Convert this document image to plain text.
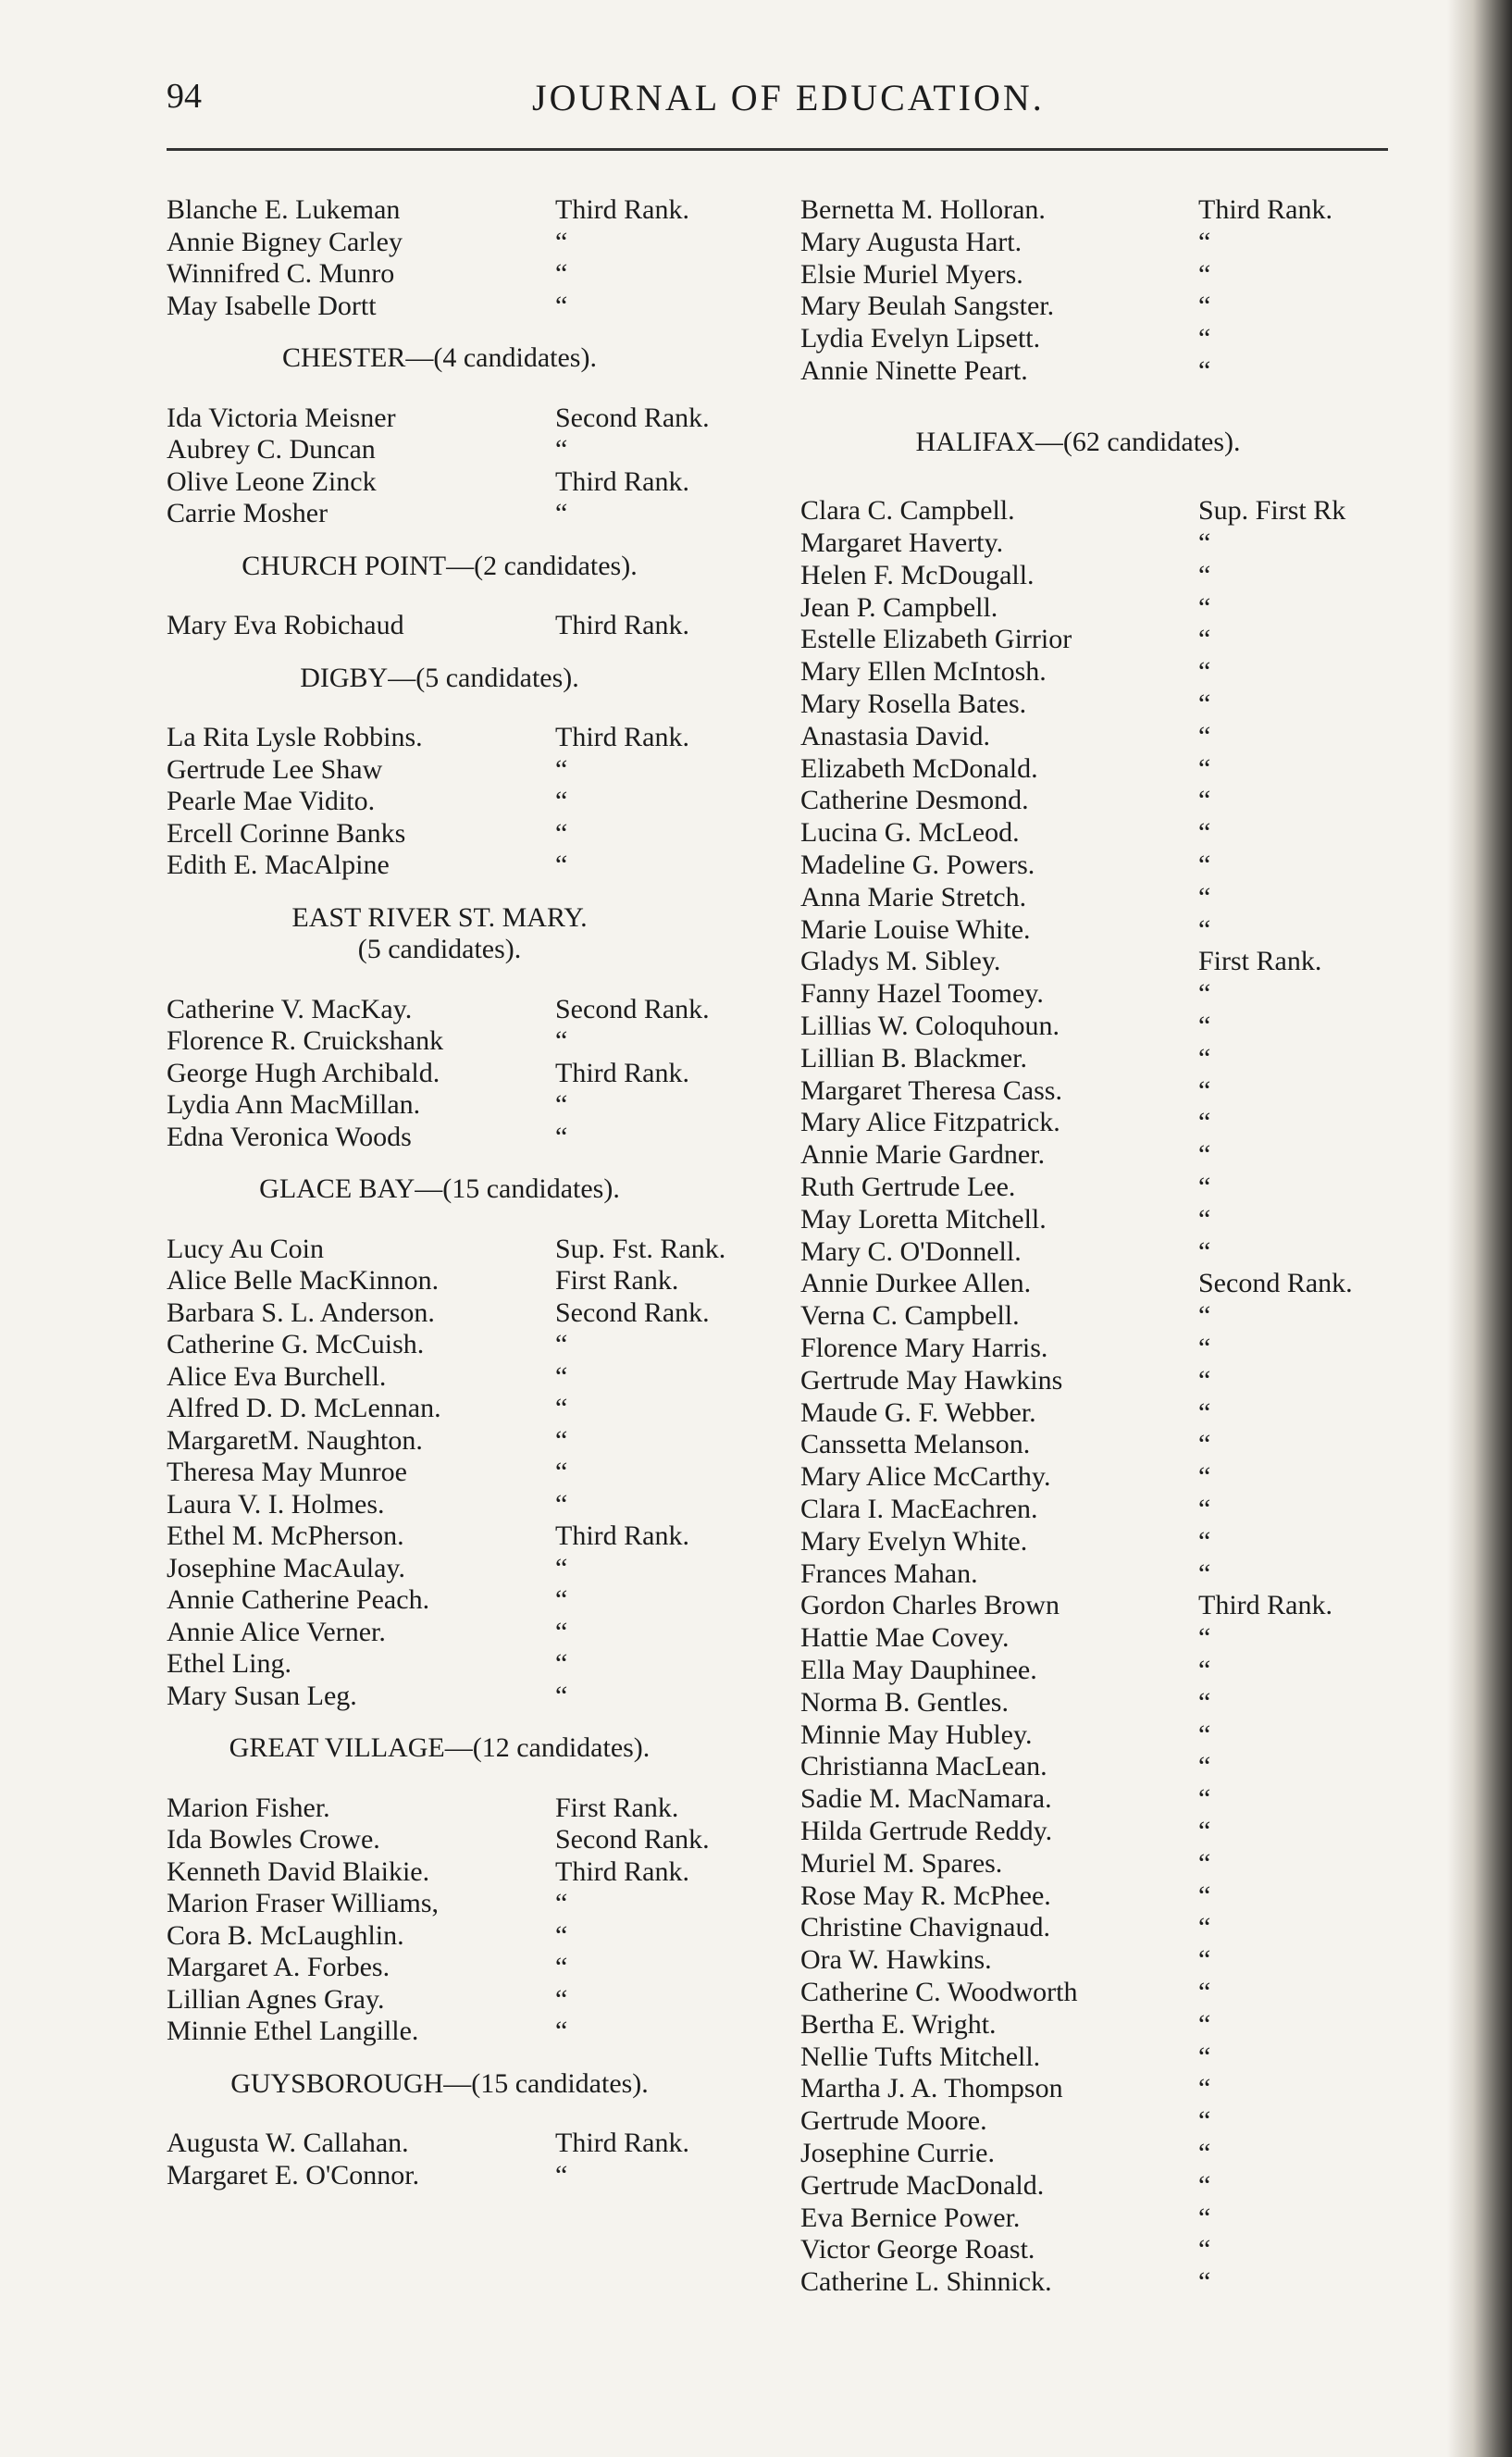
94	JOURNAL OF EDUCATION.
Blanche E. Lukeman	Third Rank.
Annie Bigney Carley	“
Winnifred C. Munro	“
May Isabelle Dortt	“
CHESTER—(4 candidates).
Ida Victoria Meisner	Second Rank.
Aubrey C. Duncan	“
Olive Leone Zinck	Third Rank.
Carrie Mosher	“
CHURCH POINT—(2 candidates).
Mary Eva Robichaud	Third Rank.
DIGBY—(5 candidates).
La Rita Lysle Robbins.	Third Rank.
Gertrude Lee Shaw	“
Pearle Mae Vidito.	“
Ercell Corinne Banks	“
Edith E. MacAlpine	“
EAST RIVER ST. MARY.
(5 candidates).
Catherine V. MacKay.	Second Rank.
Florence R. Cruickshank	“
George Hugh Archibald.	Third Rank.
Lydia Ann MacMillan.	“
Edna Veronica Woods	“
GLACE BAY—(15 candidates).
Lucy Au Coin	Sup. Fst. Rank.
Alice Belle MacKinnon.	First Rank.
Barbara S. L. Anderson.	Second Rank.
Catherine G. McCuish.	“
Alice Eva Burchell.	“
Alfred D. D. McLennan.	“
MargaretM. Naughton.	“
Theresa May Munroe	“
Laura V. I. Holmes.	“
Ethel M. McPherson.	Third Rank.
Josephine MacAulay.	“
Annie Catherine Peach.	“
Annie Alice Verner.	“
Ethel Ling.	“
Mary Susan Leg.	“
GREAT VILLAGE—(12 candidates).
Marion Fisher.	First Rank.
Ida Bowles Crowe.	Second Rank.
Kenneth David Blaikie.	Third Rank.
Marion Fraser Williams,	“
Cora B. McLaughlin.	“
Margaret A. Forbes.	“
Lillian Agnes Gray.	“
Minnie Ethel Langille.	“
GUYSBOROUGH—(15 candidates).
Augusta W. Callahan.	Third Rank.
Margaret E. O'Connor.	“
Bernetta M. Holloran.	Third Rank.
Mary Augusta Hart.	“
Elsie Muriel Myers.	“
Mary Beulah Sangster.	“
Lydia Evelyn Lipsett.	“
Annie Ninette Peart.	“
HALIFAX—(62 candidates).
Clara C. Campbell.	Sup. First Rk
Margaret Haverty.	“
Helen F. McDougall.	“
Jean P. Campbell.	“
Estelle Elizabeth Girrior	“
Mary Ellen McIntosh.	“
Mary Rosella Bates.	“
Anastasia David.	“
Elizabeth McDonald.	“
Catherine Desmond.	“
Lucina G. McLeod.	“
Madeline G. Powers.	“
Anna Marie Stretch.	“
Marie Louise White.	“
Gladys M. Sibley.	First Rank.
Fanny Hazel Toomey.	“
Lillias W. Coloquhoun.	“
Lillian B. Blackmer.	“
Margaret Theresa Cass.	“
Mary Alice Fitzpatrick.	“
Annie Marie Gardner.	“
Ruth Gertrude Lee.	“
May Loretta Mitchell.	“
Mary C. O'Donnell.	“
Annie Durkee Allen.	Second Rank.
Verna C. Campbell.	“
Florence Mary Harris.	“
Gertrude May Hawkins	“
Maude G. F. Webber.	“
Canssetta Melanson.	“
Mary Alice McCarthy.	“
Clara I. MacEachren.	“
Mary Evelyn White.	“
Frances Mahan.	“
Gordon Charles Brown	Third Rank.
Hattie Mae Covey.	“
Ella May Dauphinee.	“
Norma B. Gentles.	“
Minnie May Hubley.	“
Christianna MacLean.	“
Sadie M. MacNamara.	“
Hilda Gertrude Reddy.	“
Muriel M. Spares.	“
Rose May R. McPhee.	“
Christine Chavignaud.	“
Ora W. Hawkins.	“
Catherine C. Woodworth	“
Bertha E. Wright.	“
Nellie Tufts Mitchell.	“
Martha J. A. Thompson	“
Gertrude Moore.	“
Josephine Currie.	“
Gertrude MacDonald.	“
Eva Bernice Power.	“
Victor George Roast.	“
Catherine L. Shinnick.	“
